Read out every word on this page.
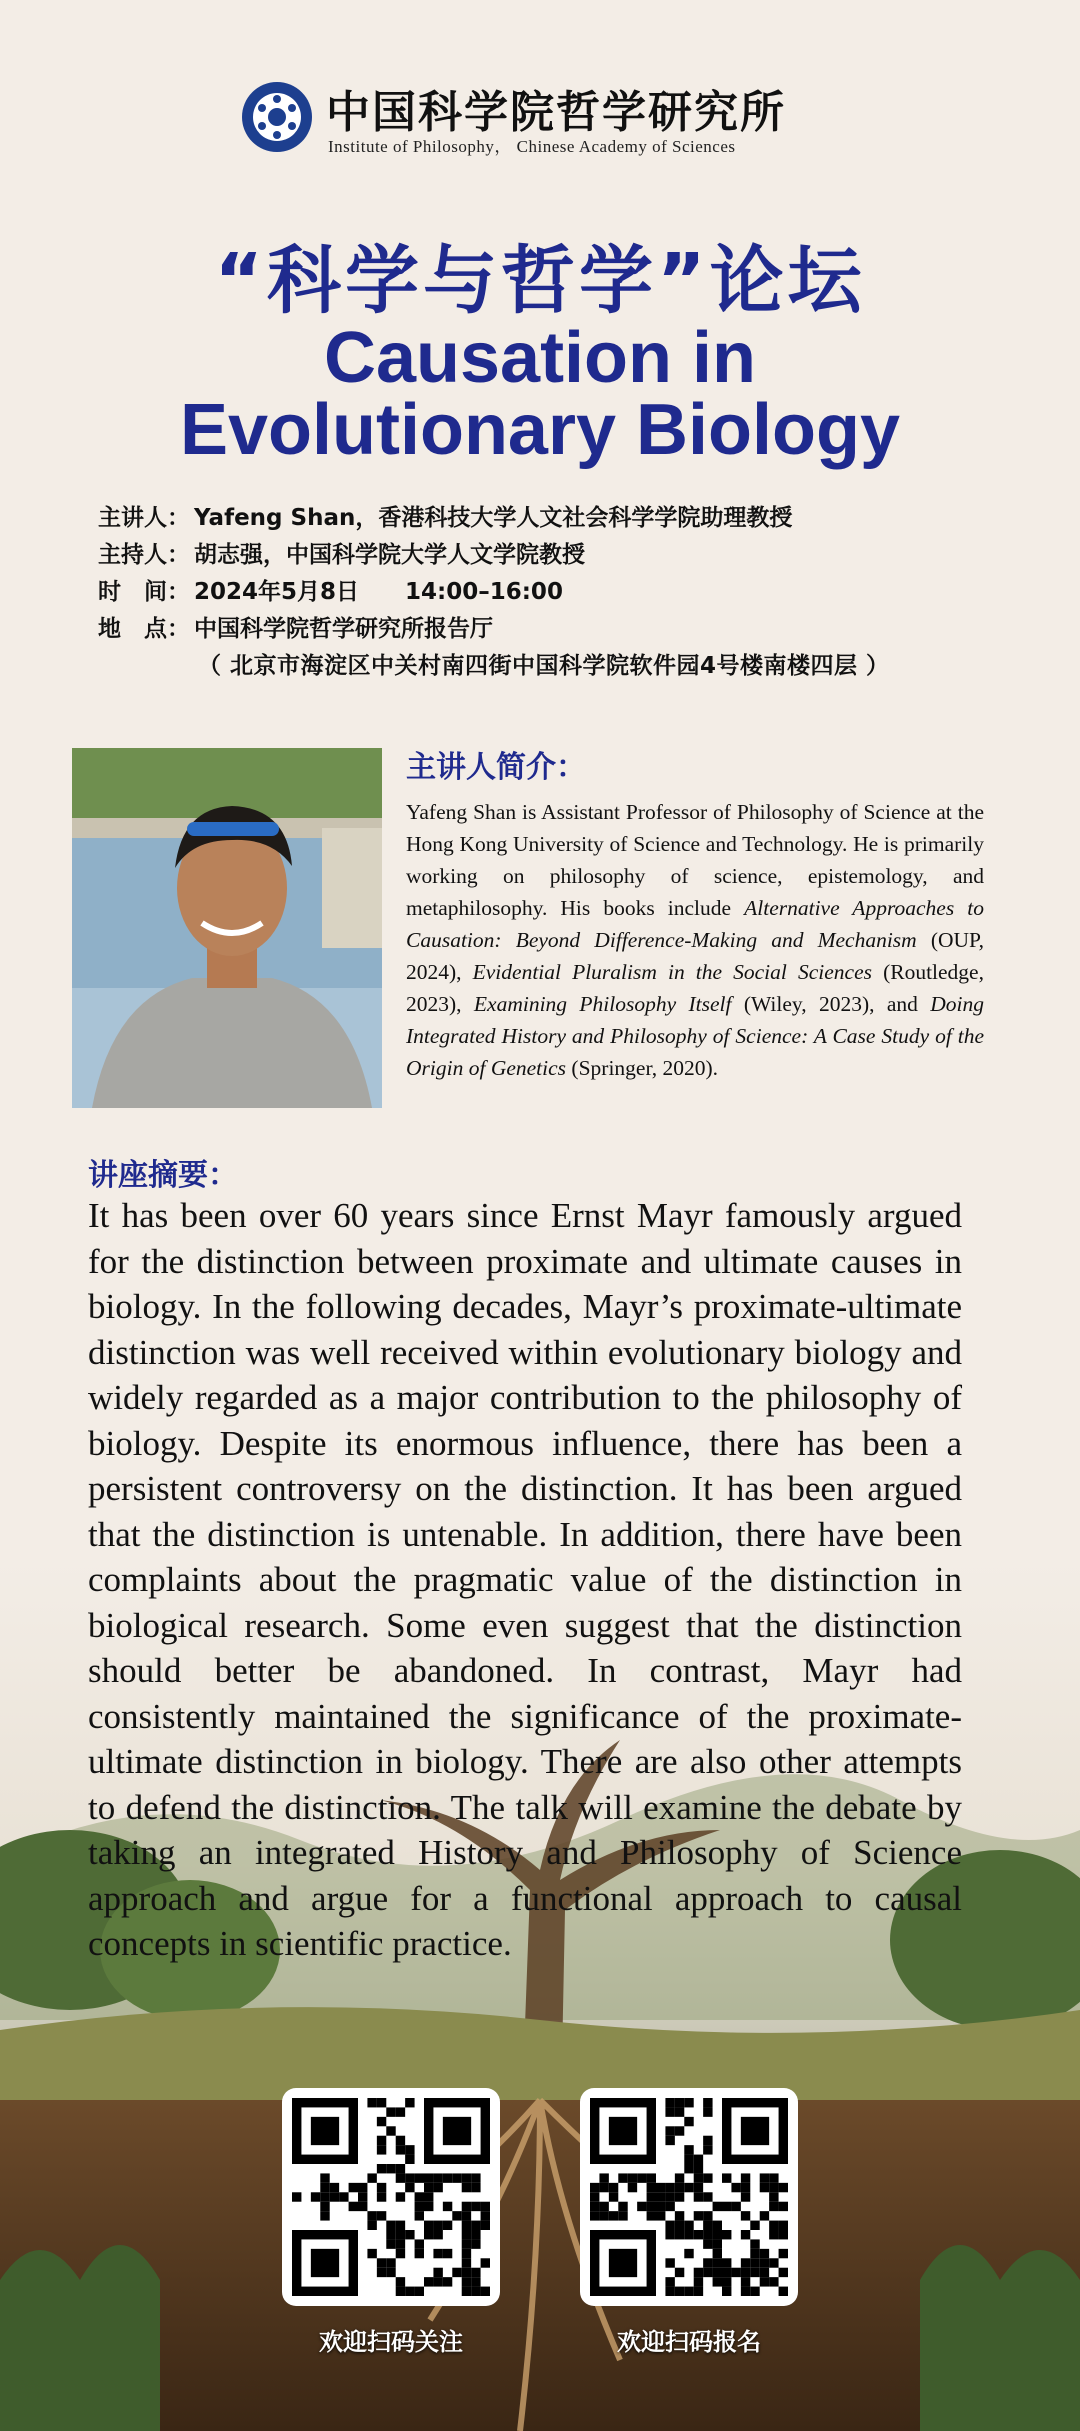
中国科学院哲学研究所
Institute of Philosophy， Chinese Academy of Sciences
“科学与哲学”论坛
Causation in
Evolutionary Biology
主讲人： Yafeng Shan，香港科技大学人文社会科学学院助理教授
主持人： 胡志强，中国科学院大学人文学院教授
时　间： 2024年5月8日　　14:00–16:00
地　点： 中国科学院哲学研究所报告厅
（ 北京市海淀区中关村南四街中国科学院软件园4号楼南楼四层 ）
主讲人简介：
Yafeng Shan is Assistant Professor of Philosophy of Science at the Hong Kong University of Science and Technology. He is primarily working on philosophy of science, epistemology, and metaphilosophy. His books include Alternative Approaches to Causation: Beyond Difference-Making and Mechanism (OUP, 2024), Evidential Pluralism in the Social Sciences (Routledge, 2023), Examining Philosophy Itself (Wiley, 2023), and Doing Integrated History and Philosophy of Science: A Case Study of the Origin of Genetics (Springer, 2020).
讲座摘要：
It has been over 60 years since Ernst Mayr famously argued for the distinction between proximate and ultimate causes in biology. In the following decades, Mayr’s proximate-ultimate distinction was well received within evolutionary biology and widely regarded as a major contribution to the philosophy of biology. Despite its enormous influence, there has been a persistent controversy on the distinction. It has been argued that the distinction is untenable. In addition, there have been complaints about the pragmatic value of the distinction in biological research. Some even suggest that the distinction should better be abandoned. In contrast, Mayr had consistently maintained the significance of the proximate-ultimate distinction in biology. There are also other attempts to defend the distinction. The talk will examine the debate by taking an integrated History and Philosophy of Science approach and argue for a functional approach to causal concepts in scientific practice.
欢迎扫码关注	欢迎扫码报名
